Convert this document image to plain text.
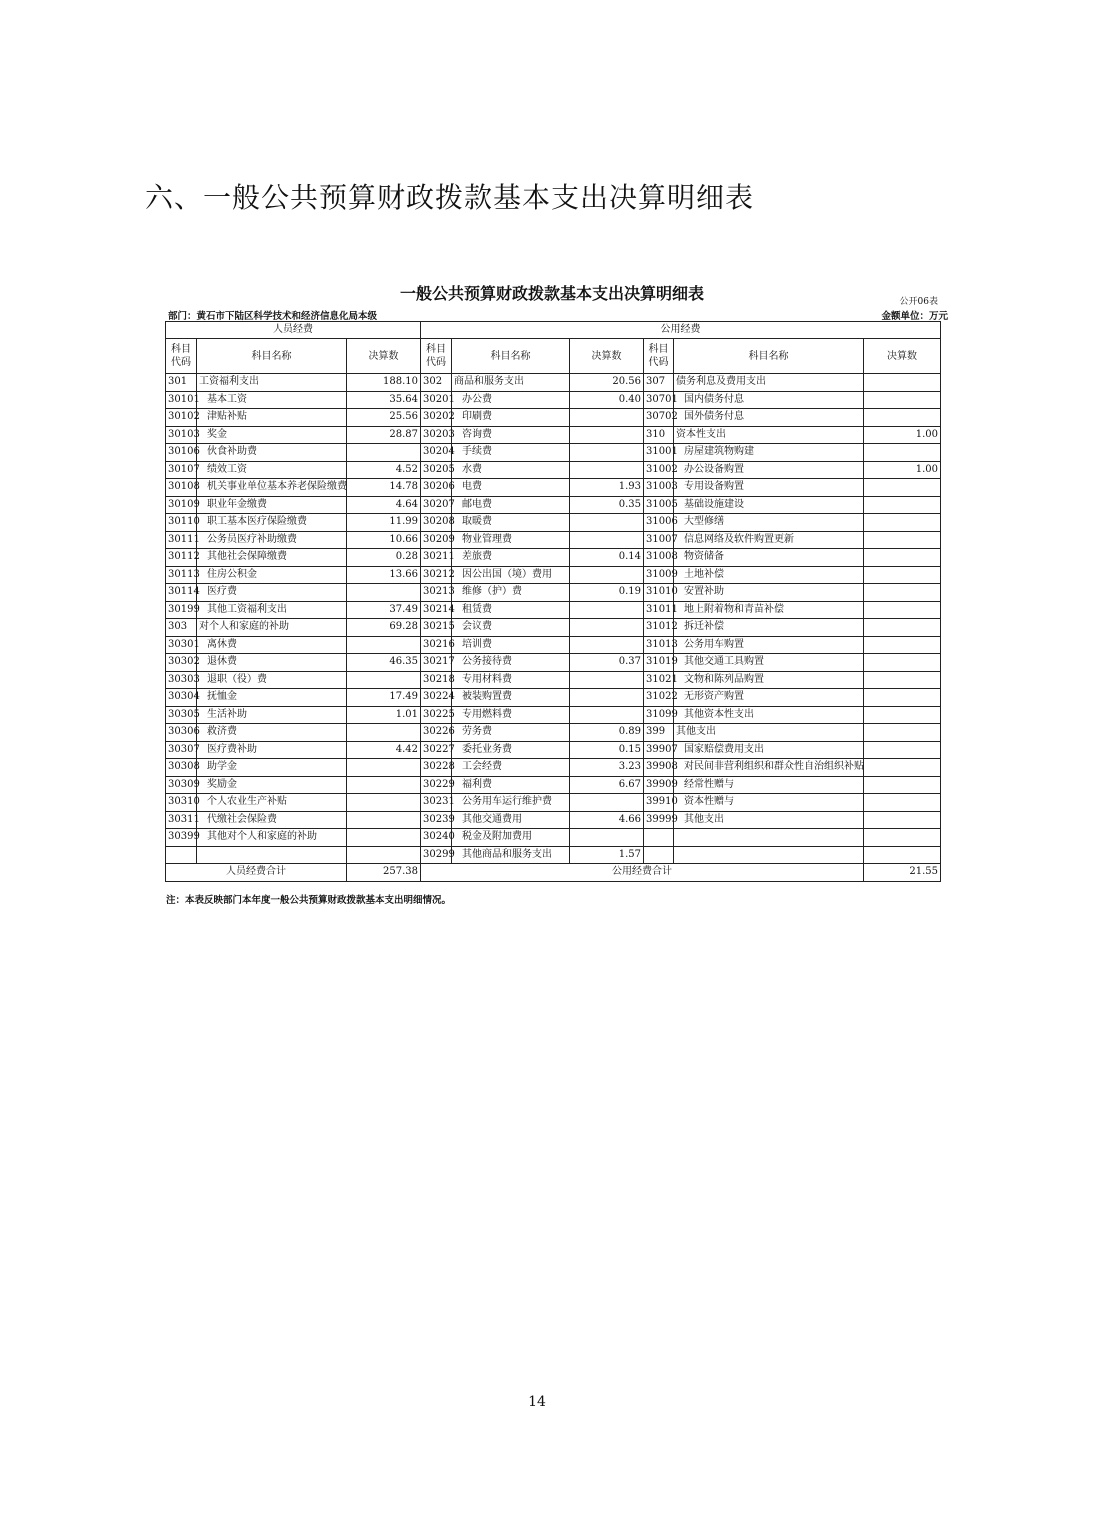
六、一般公共预算财政拨款基本支出决算明细表
一般公共预算财政拨款基本支出决算明细表	公开06表
部门：黄石市下陆区科学技术和经济信息化局本级	金额单位：万元
人员经费			公用经费					
科目代码	科目名称	决算数	科目代码	科目名称	决算数	科目代码	科目名称	决算数
301	工资福利支出	188.10	302	商品和服务支出	20.56	307	债务利息及费用支出	
30101	基本工资	35.64	30201	办公费	0.40	30701	国内债务付息	
30102	津贴补贴	25.56	30202	印刷费		30702	国外债务付息	
30103	奖金	28.87	30203	咨询费		310	资本性支出	1.00
30106	伙食补助费		30204	手续费		31001	房屋建筑物购建	
30107	绩效工资	4.52	30205	水费		31002	办公设备购置	1.00
30108	机关事业单位基本养老保险缴费	14.78	30206	电费	1.93	31003	专用设备购置	
30109	职业年金缴费	4.64	30207	邮电费	0.35	31005	基础设施建设	
30110	职工基本医疗保险缴费	11.99	30208	取暖费		31006	大型修缮	
30111	公务员医疗补助缴费	10.66	30209	物业管理费		31007	信息网络及软件购置更新	
30112	其他社会保障缴费	0.28	30211	差旅费	0.14	31008	物资储备	
30113	住房公积金	13.66	30212	因公出国（境）费用		31009	土地补偿	
30114	医疗费		30213	维修（护）费	0.19	31010	安置补助	
30199	其他工资福利支出	37.49	30214	租赁费		31011	地上附着物和青苗补偿	
303	对个人和家庭的补助	69.28	30215	会议费		31012	拆迁补偿	
30301	离休费		30216	培训费		31013	公务用车购置	
30302	退休费	46.35	30217	公务接待费	0.37	31019	其他交通工具购置	
30303	退职（役）费		30218	专用材料费		31021	文物和陈列品购置	
30304	抚恤金	17.49	30224	被装购置费		31022	无形资产购置	
30305	生活补助	1.01	30225	专用燃料费		31099	其他资本性支出	
30306	救济费		30226	劳务费	0.89	399	其他支出	
30307	医疗费补助	4.42	30227	委托业务费	0.15	39907	国家赔偿费用支出	
30308	助学金		30228	工会经费	3.23	39908	对民间非营利组织和群众性自治组织补贴	
30309	奖励金		30229	福利费	6.67	39909	经常性赠与	
30310	个人农业生产补贴		30231	公务用车运行维护费		39910	资本性赠与	
30311	代缴社会保险费		30239	其他交通费用	4.66	39999	其他支出	
30399	其他对个人和家庭的补助		30240	税金及附加费用				
			30299	其他商品和服务支出	1.57			
人员经费合计		257.38	公用经费合计					21.55
注：本表反映部门本年度一般公共预算财政拨款基本支出明细情况。
14
